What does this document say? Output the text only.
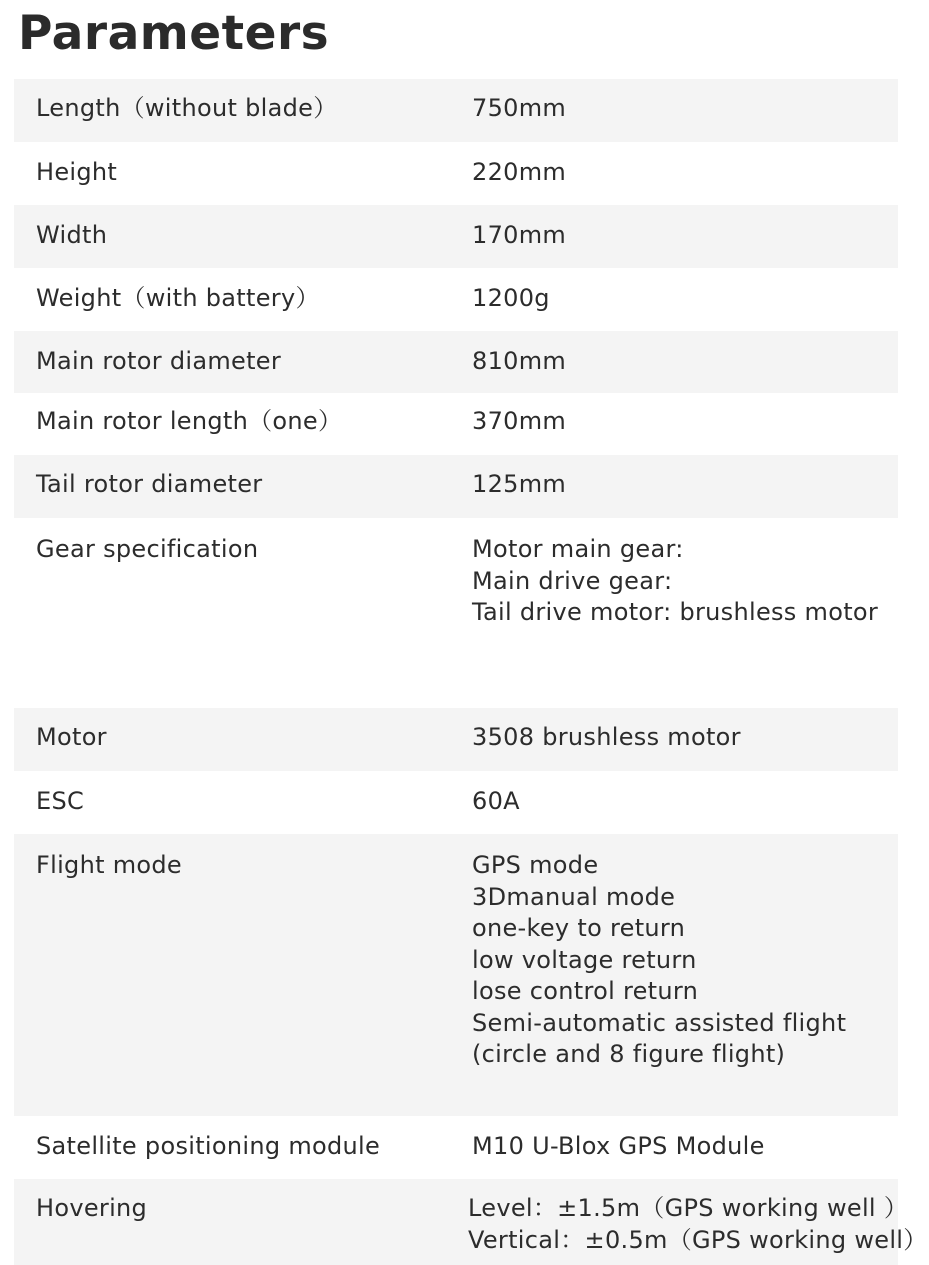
Parameters
Length（without blade）	750mm
Height	220mm
Width	170mm
Weight（with battery）	1200g
Main rotor diameter	810mm
Main rotor length（one）	370mm
Tail rotor diameter	125mm
Gear specification	Motor main gear:
Main drive gear:
Tail drive motor: brushless motor
Motor	3508 brushless motor
ESC	60A
Flight mode	GPS mode
3Dmanual mode
one-key to return
low voltage return
lose control return
Semi-automatic assisted flight
(circle and 8 figure flight)
Satellite positioning module	M10 U-Blox GPS Module
Hovering	Level：±1.5m（GPS working well ）
Vertical：±0.5m（GPS working well）
